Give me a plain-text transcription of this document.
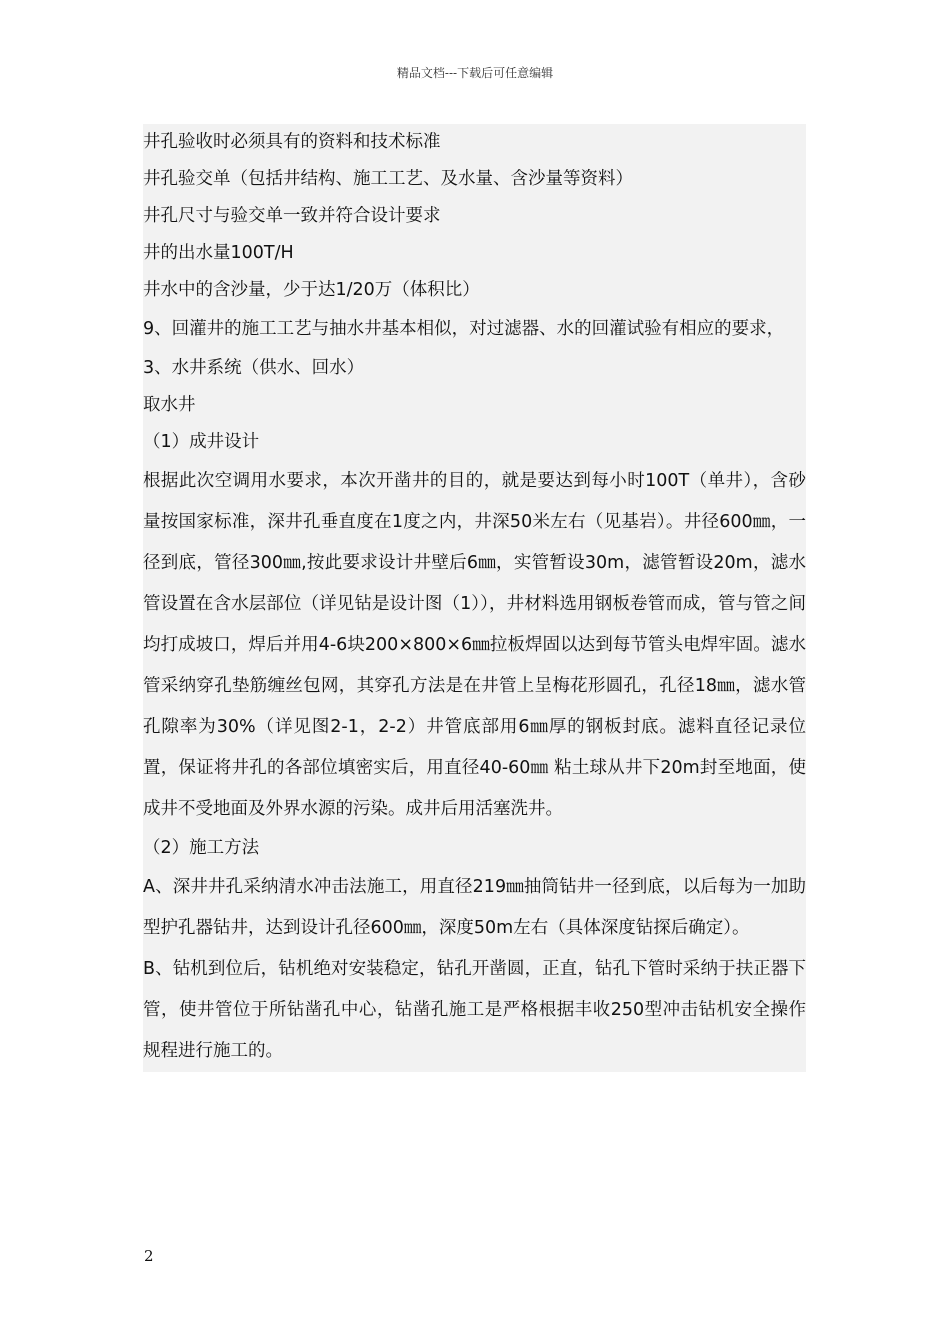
精品文档---下载后可任意编辑
井孔验收时必须具有的资料和技术标准
井孔验交单（包括井结构、施工工艺、及水量、含沙量等资料）
井孔尺寸与验交单一致并符合设计要求
井的出水量100T/H
井水中的含沙量，少于达1/20万（体积比）
9、回灌井的施工工艺与抽水井基本相似，对过滤器、水的回灌试验有相应的要求，
3、水井系统（供水、回水）
取水井
（1）成井设计
根据此次空调用水要求，本次开凿井的目的，就是要达到每小时100T（单井），含砂量按国家标准，深井孔垂直度在1度之内，井深50米左右（见基岩）。井径600㎜，一径到底，管径300㎜,按此要求设计井壁后6㎜，实管暂设30m，滤管暂设20m，滤水管设置在含水层部位（详见钻是设计图（1）），井材料选用钢板卷管而成，管与管之间均打成坡口，焊后并用4-6块200×800×6㎜拉板焊固以达到每节管头电焊牢固。滤水管采纳穿孔垫筋缠丝包网，其穿孔方法是在井管上呈梅花形圆孔，孔径18㎜，滤水管孔隙率为30%（详见图2-1，2-2）井管底部用6㎜厚的钢板封底。滤料直径记录位置，保证将井孔的各部位填密实后，用直径40-60㎜ 粘土球从井下20m封至地面，使成井不受地面及外界水源的污染。成井后用活塞洗井。
（2）施工方法
A、深井井孔采纳清水冲击法施工，用直径219㎜抽筒钻井一径到底，以后每为一加助型护孔器钻井，达到设计孔径600㎜，深度50m左右（具体深度钻探后确定）。
B、钻机到位后，钻机绝对安装稳定，钻孔开凿圆，正直，钻孔下管时采纳于扶正器下管，使井管位于所钻凿孔中心，钻凿孔施工是严格根据丰收250型冲击钻机安全操作规程进行施工的。
2
